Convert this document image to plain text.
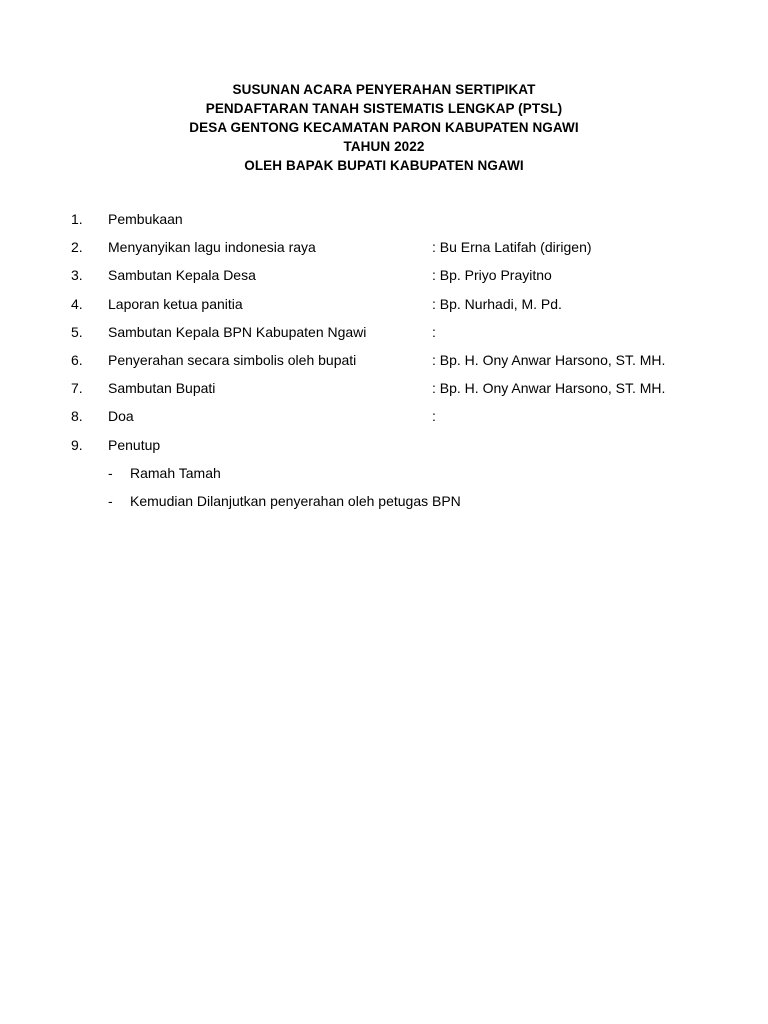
SUSUNAN ACARA PENYERAHAN SERTIPIKAT
PENDAFTARAN TANAH SISTEMATIS LENGKAP (PTSL)
DESA GENTONG KECAMATAN PARON KABUPATEN NGAWI
TAHUN 2022
OLEH BAPAK BUPATI KABUPATEN NGAWI
1. Pembukaan
2. Menyanyikan lagu indonesia raya	: Bu Erna Latifah (dirigen)
3. Sambutan Kepala Desa	: Bp. Priyo Prayitno
4. Laporan ketua panitia	: Bp. Nurhadi, M. Pd.
5. Sambutan Kepala BPN Kabupaten Ngawi	:
6. Penyerahan secara simbolis oleh bupati	: Bp. H. Ony Anwar Harsono, ST. MH.
7. Sambutan Bupati	: Bp. H. Ony Anwar Harsono, ST. MH.
8. Doa	:
9. Penutup
- Ramah Tamah
- Kemudian Dilanjutkan penyerahan oleh petugas BPN
